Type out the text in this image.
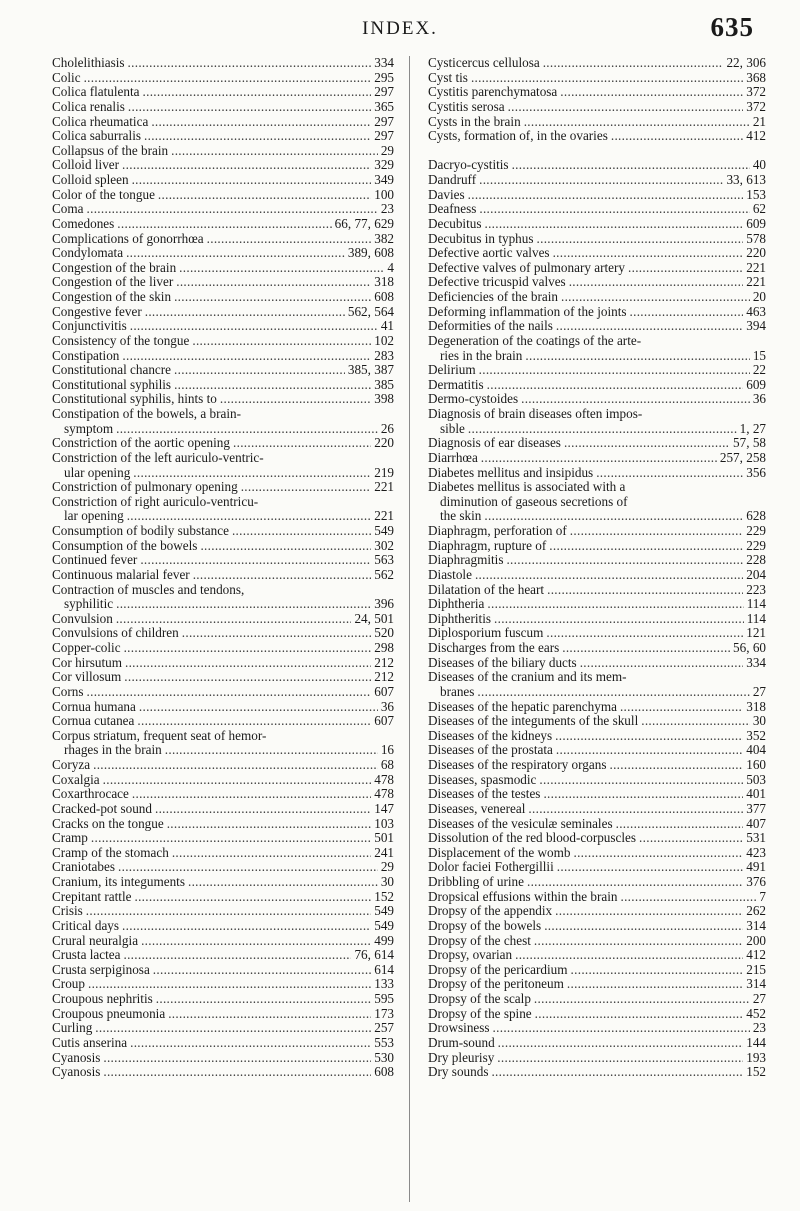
INDEX.	635
Cholelithiasis . . .	334
Colic . . .	295
Colica flatulenta . . .	297
Colica renalis . . .	365
Colica rheumatica . . .	297
Colica saburralis . . .	297
Collapsus of the brain . . .	29
Colloid liver . . .	329
Colloid spleen . . .	349
Color of the tongue . . .	100
Coma . . .	23
Comedones . . .	66, 77, 629
Complications of gonorrhœa . . .	382
Condylomata . . .	389, 608
Congestion of the brain . . .	4
Congestion of the liver . . .	318
Congestion of the skin . . .	608
Congestive fever . . .	562, 564
Conjunctivitis . . .	41
Consistency of the tongue . . .	102
Constipation . . .	283
Constitutional chancre . . .	385, 387
Constitutional syphilis . . .	385
Constitutional syphilis, hints to . . .	398
Constipation of the bowels, a brain-
symptom . . .	26
Constriction of the aortic opening . . .	220
Constriction of the left auriculo-ventric-
ular opening . . .	219
Constriction of pulmonary opening . . .	221
Constriction of right auriculo-ventricu-
lar opening . . .	221
Consumption of bodily substance . . .	549
Consumption of the bowels . . .	302
Continued fever . . .	563
Continuous malarial fever . . .	562
Contraction of muscles and tendons,
syphilitic . . .	396
Convulsion . . .	24, 501
Convulsions of children . . .	520
Copper-colic . . .	298
Cor hirsutum . . .	212
Cor villosum . . .	212
Corns . . .	607
Cornua humana . . .	36
Cornua cutanea . . .	607
Corpus striatum, frequent seat of hemor-
rhages in the brain . . .	16
Coryza . . .	68
Coxalgia . . .	478
Coxarthrocace . . .	478
Cracked-pot sound . . .	147
Cracks on the tongue . . .	103
Cramp . . .	501
Cramp of the stomach . . .	241
Craniotabes . . .	29
Cranium, its integuments . . .	30
Crepitant rattle . . .	152
Crisis . . .	549
Critical days . . .	549
Crural neuralgia . . .	499
Crusta lactea . . .	76, 614
Crusta serpiginosa . . .	614
Croup . . .	133
Croupous nephritis . . .	595
Croupous pneumonia . . .	173
Curling . . .	257
Cutis anserina . . .	553
Cyanosis . . .	530
Cyanosis . . .	608
Cysticercus cellulosa . . .	22, 306
Cyst tis . . .	368
Cystitis parenchymatosa . . .	372
Cystitis serosa . . .	372
Cysts in the brain . . .	21
Cysts, formation of, in the ovaries . . .	412

Dacryo-cystitis . . .	40
Dandruff . . .	33, 613
Davies . . .	153
Deafness . . .	62
Decubitus . . .	609
Decubitus in typhus . . .	578
Defective aortic valves . . .	220
Defective valves of pulmonary artery . . .	221
Defective tricuspid valves . . .	221
Deficiencies of the brain . . .	20
Deforming inflammation of the joints . . .	463
Deformities of the nails . . .	394
Degeneration of the coatings of the arte-
ries in the brain . . .	15
Delirium . . .	22
Dermatitis . . .	609
Dermo-cystoides . . .	36
Diagnosis of brain diseases often impos-
sible . . .	1, 27
Diagnosis of ear diseases . . .	57, 58
Diarrhœa . . .	257, 258
Diabetes mellitus and insipidus . . .	356
Diabetes mellitus is associated with a
diminution of gaseous secretions of
the skin . . .	628
Diaphragm, perforation of . . .	229
Diaphragm, rupture of . . .	229
Diaphragmitis . . .	228
Diastole . . .	204
Dilatation of the heart . . .	223
Diphtheria . . .	114
Diphtheritis . . .	114
Diplosporium fuscum . . .	121
Discharges from the ears . . .	56, 60
Diseases of the biliary ducts . . .	334
Diseases of the cranium and its mem-
branes . . .	27
Diseases of the hepatic parenchyma . . .	318
Diseases of the integuments of the skull . . .	30
Diseases of the kidneys . . .	352
Diseases of the prostata . . .	404
Diseases of the respiratory organs . . .	160
Diseases, spasmodic . . .	503
Diseases of the testes . . .	401
Diseases, venereal . . .	377
Diseases of the vesiculæ seminales . . .	407
Dissolution of the red blood-corpuscles . . .	531
Displacement of the womb . . .	423
Dolor faciei Fothergillii . . .	491
Dribbling of urine . . .	376
Dropsical effusions within the brain . . .	7
Dropsy of the appendix . . .	262
Dropsy of the bowels . . .	314
Dropsy of the chest . . .	200
Dropsy, ovarian . . .	412
Dropsy of the pericardium . . .	215
Dropsy of the peritoneum . . .	314
Dropsy of the scalp . . .	27
Dropsy of the spine . . .	452
Drowsiness . . .	23
Drum-sound . . .	144
Dry pleurisy . . .	193
Dry sounds . . .	152
